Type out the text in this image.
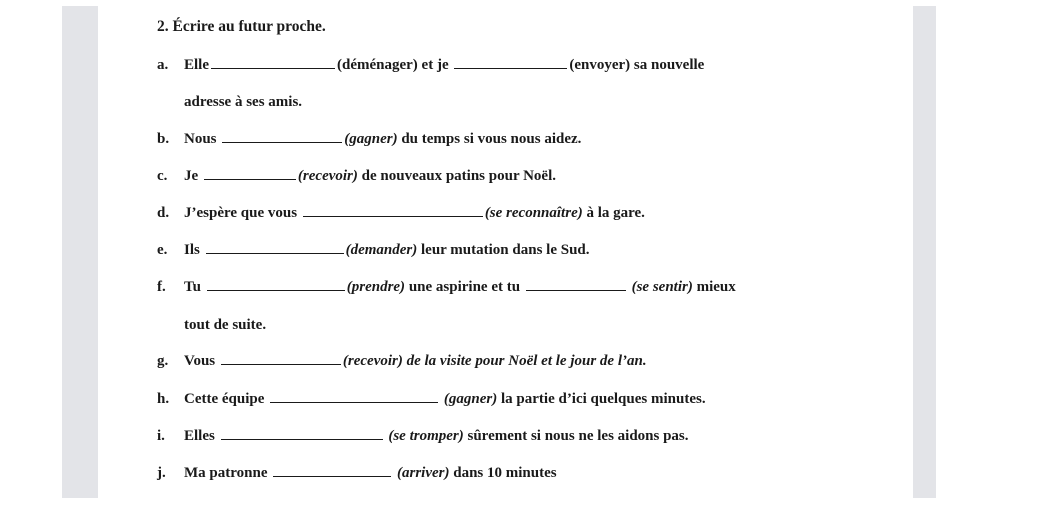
2. Écrire au futur proche.
a. Elle	(déménager) et je	(envoyer) sa nouvelle
adresse à ses amis.
b. Nous	(gagner) du temps si vous nous aidez.
c. Je	(recevoir) de nouveaux patins pour Noël.
d. J’espère que vous	(se reconnaître) à la gare.
e. Ils	(demander) leur mutation dans le Sud.
f. Tu	(prendre) une aspirine et tu	(se sentir) mieux
tout de suite.
g. Vous	(recevoir) de la visite pour Noël et le jour de l’an.
h. Cette équipe	(gagner) la partie d’ici quelques minutes.
i. Elles	(se tromper) sûrement si nous ne les aidons pas.
j. Ma patronne	(arriver) dans 10 minutes
